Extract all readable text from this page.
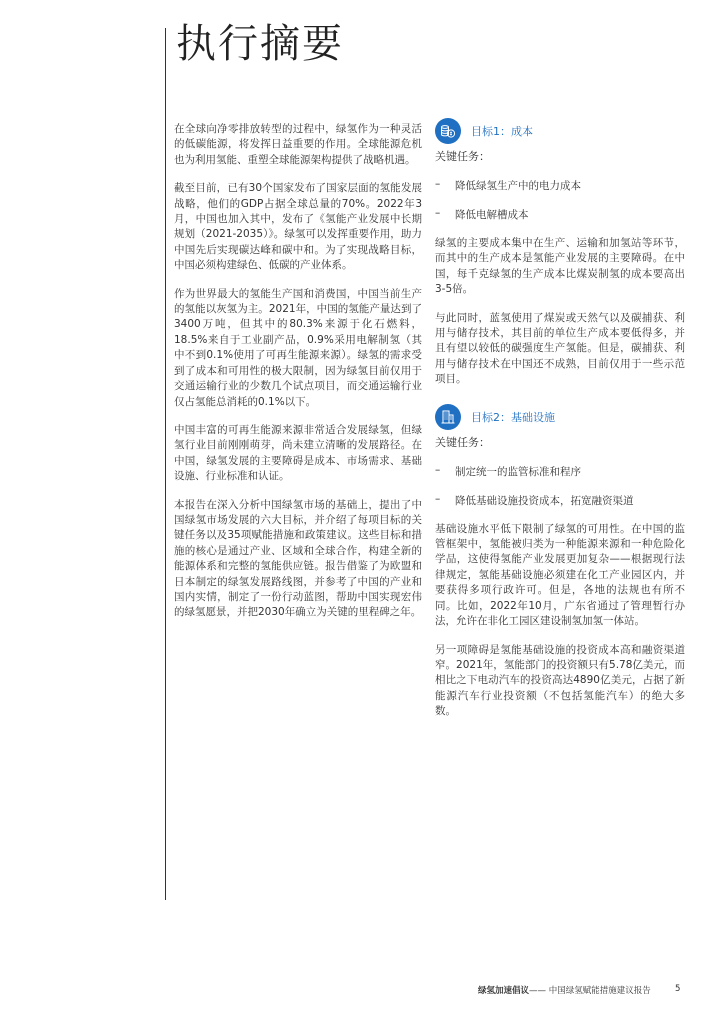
执行摘要

在全球向净零排放转型的过程中，绿氢作为一种灵活的低碳能源，将发挥日益重要的作用。全球能源危机也为利用氢能、重塑全球能源架构提供了战略机遇。

截至目前，已有30个国家发布了国家层面的氢能发展战略，他们的GDP占据全球总量的70%。2022年3月，中国也加入其中，发布了《氢能产业发展中长期规划（2021-2035）》。绿氢可以发挥重要作用，助力中国先后实现碳达峰和碳中和。为了实现战略目标，中国必须构建绿色、低碳的产业体系。

作为世界最大的氢能生产国和消费国，中国当前生产的氢能以灰氢为主。2021年，中国的氢能产量达到了3400万吨，但其中的80.3%来源于化石燃料，18.5%来自于工业副产品，0.9%采用电解制氢（其中不到0.1%使用了可再生能源来源）。绿氢的需求受到了成本和可用性的极大限制，因为绿氢目前仅用于交通运输行业的少数几个试点项目，而交通运输行业仅占氢能总消耗的0.1%以下。

中国丰富的可再生能源来源非常适合发展绿氢，但绿氢行业目前刚刚萌芽，尚未建立清晰的发展路径。在中国，绿氢发展的主要障碍是成本、市场需求、基础设施、行业标准和认证。

本报告在深入分析中国绿氢市场的基础上，提出了中国绿氢市场发展的六大目标，并介绍了每项目标的关键任务以及35项赋能措施和政策建议。这些目标和措施的核心是通过产业、区域和全球合作，构建全新的能源体系和完整的氢能供应链。报告借鉴了为欧盟和日本制定的绿氢发展路线图，并参考了中国的产业和国内实情，制定了一份行动蓝图，帮助中国实现宏伟的绿氢愿景，并把2030年确立为关键的里程碑之年。

目标1：成本
关键任务：
–	降低绿氢生产中的电力成本
–	降低电解槽成本

绿氢的主要成本集中在生产、运输和加氢站等环节，而其中的生产成本是氢能产业发展的主要障碍。在中国，每千克绿氢的生产成本比煤炭制氢的成本要高出3-5倍。

与此同时，蓝氢使用了煤炭或天然气以及碳捕获、利用与储存技术，其目前的单位生产成本要低得多，并且有望以较低的碳强度生产氢能。但是，碳捕获、利用与储存技术在中国还不成熟，目前仅用于一些示范项目。

目标2：基础设施
关键任务：
–	制定统一的监管标准和程序
–	降低基础设施投资成本，拓宽融资渠道

基础设施水平低下限制了绿氢的可用性。在中国的监管框架中，氢能被归类为一种能源来源和一种危险化学品，这使得氢能产业发展更加复杂——根据现行法律规定，氢能基础设施必须建在化工产业园区内，并要获得多项行政许可。但是，各地的法规也有所不同。比如，2022年10月，广东省通过了管理暂行办法，允许在非化工园区建设制氢加氢一体站。

另一项障碍是氢能基础设施的投资成本高和融资渠道窄。2021年，氢能部门的投资额只有5.78亿美元，而相比之下电动汽车的投资高达4890亿美元，占据了新能源汽车行业投资额（不包括氢能汽车）的绝大多数。

绿氢加速倡议—— 中国绿氢赋能措施建议报告	5
